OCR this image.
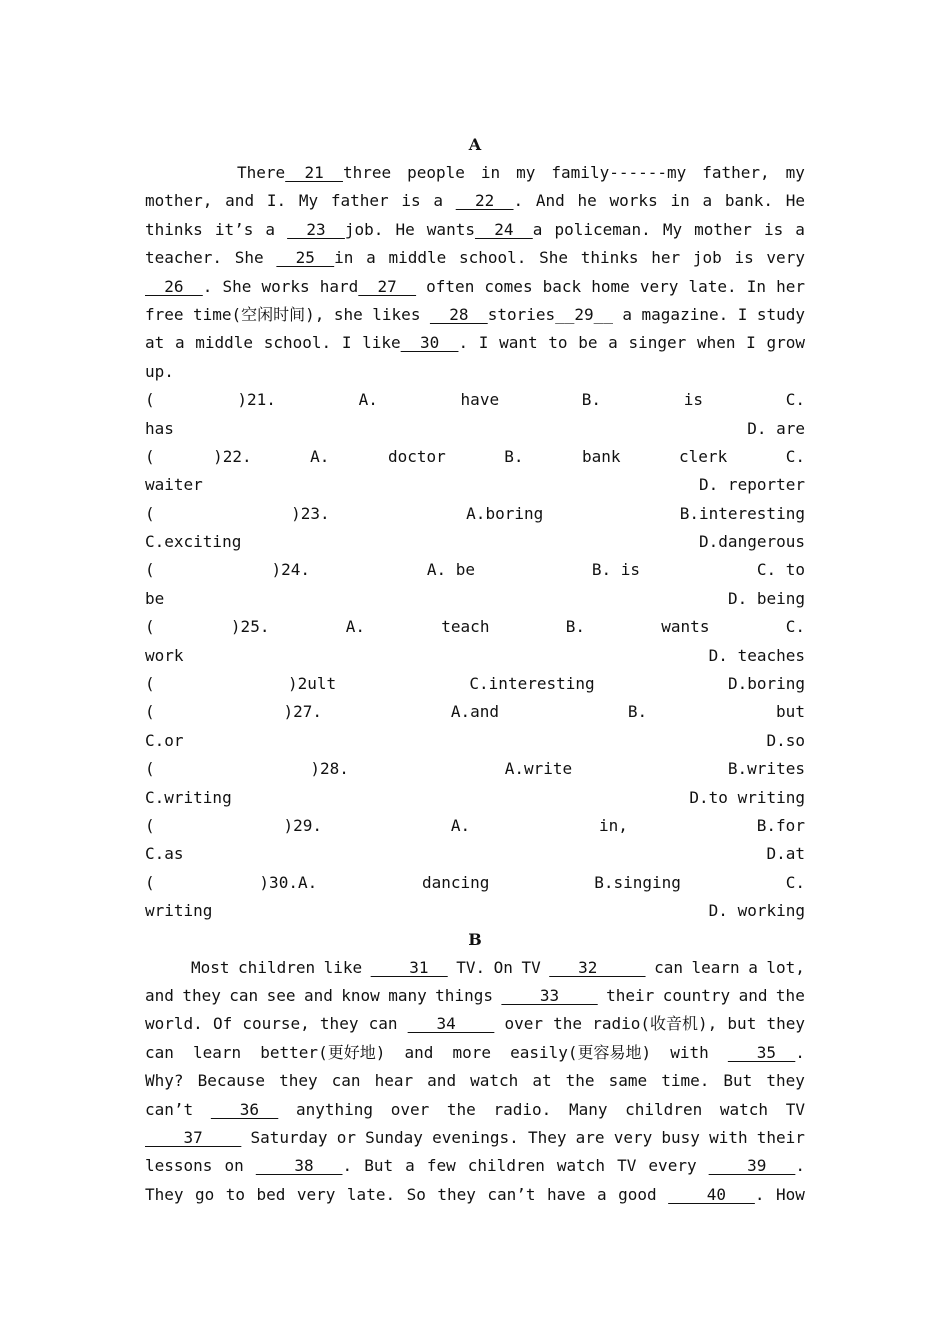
A
There  21  three people in my family------my father, my
mother, and I. My father is a 22  . And he works in a bank. He
thinks it’s a 23  job. He wants  24  a policeman. My mother is a
teacher. She 25  in a middle school. She thinks her job is very
26  . She works hard  27 often comes back home very late. In her
free time(空闲时间), she likes 28  stories__29__ a magazine. I study
at a middle school. I like  30  . I want to be a singer when I grow
up.
(	)21.	A.	have	B.	is	C.
has	D. are
(	)22.	A.	doctor	B.	bank	clerk	C.
waiter	D. reporter
(	)23.	A.boring	B.interesting
C.exciting	D.dangerous
(	)24.	A. be	B. is	C. to
be	D. being
(	)25.	A.	teach	B.	wants	C.
work	D. teaches
(	)2ult	C.interesting	D.boring
(	)27.	A.and	B.	but
C.or	D.so
(	)28.	A.write	B.writes
C.writing	D.to writing
(	)29.	A.	in,	B.for
C.as	D.at
(	)30.A.	dancing	B.singing	C.
writing	D. working
B
Most children like 31 TV. On TV 32 can learn a lot,
and they can see and know many things 33 their country and the
world. Of course, they can 34 over the radio(收音机), but they
can learn better(更好地) and more easily(更容易地) with 35  .
Why? Because they can hear and watch at the same time. But they
can’t 36 anything over the radio. Many children watch TV
37 Saturday or Sunday evenings. They are very busy with their
lessons on 38   . But a few children watch TV every 39   .
They go to bed very late. So they can’t have a good 40   . How
